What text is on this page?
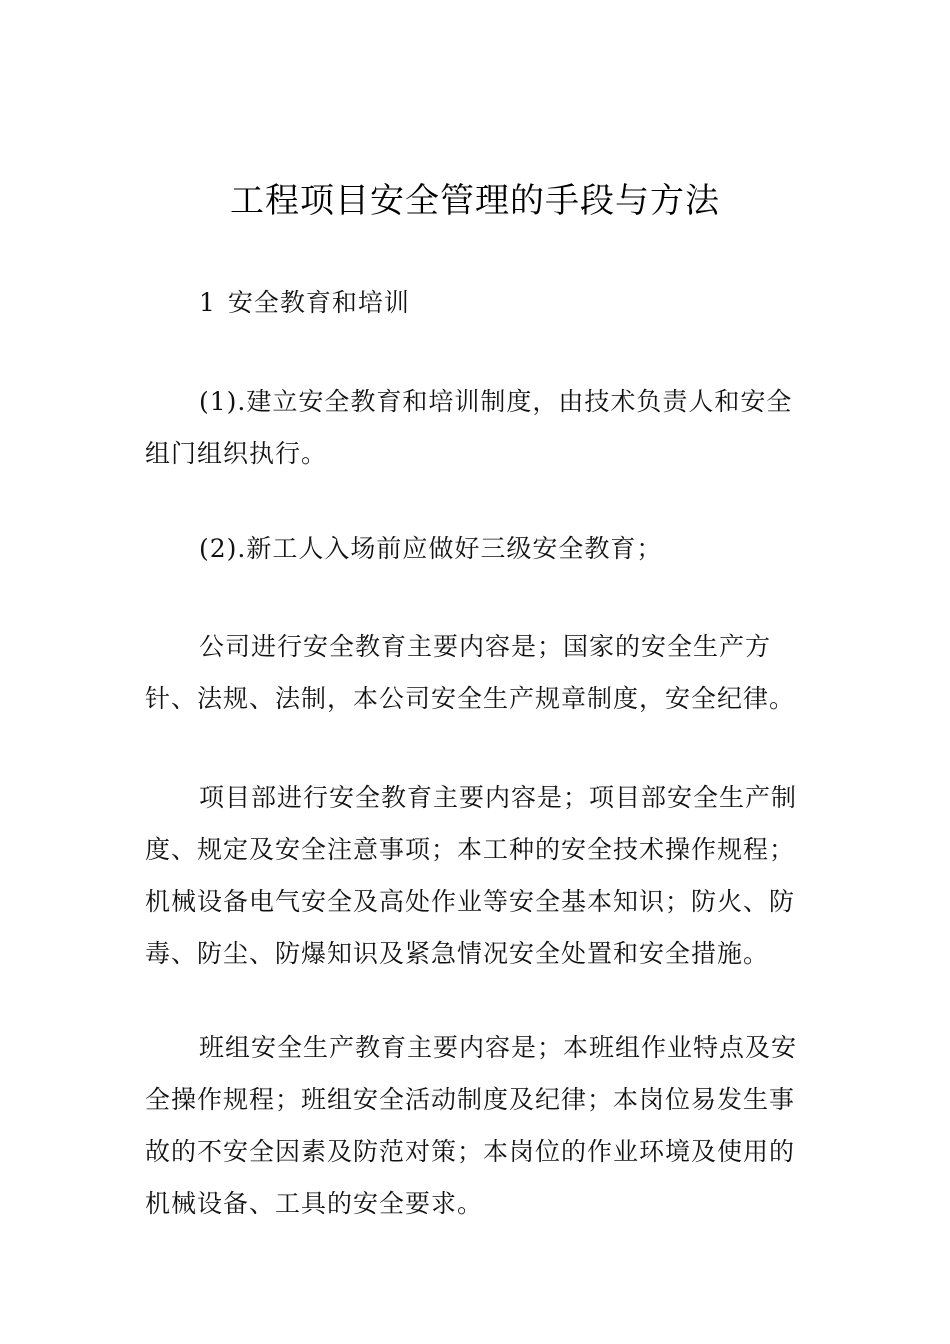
工程项目安全管理的手段与方法
1 安全教育和培训

(1).建立安全教育和培训制度，由技术负责人和安全组门组织执行。

(2).新工人入场前应做好三级安全教育；

公司进行安全教育主要内容是；国家的安全生产方针、法规、法制，本公司安全生产规章制度，安全纪律。

项目部进行安全教育主要内容是；项目部安全生产制度、规定及安全注意事项；本工种的安全技术操作规程；机械设备电气安全及高处作业等安全基本知识；防火、防毒、防尘、防爆知识及紧急情况安全处置和安全措施。

班组安全生产教育主要内容是；本班组作业特点及安全操作规程；班组安全活动制度及纪律；本岗位易发生事故的不安全因素及防范对策；本岗位的作业环境及使用的机械设备、工具的安全要求。
